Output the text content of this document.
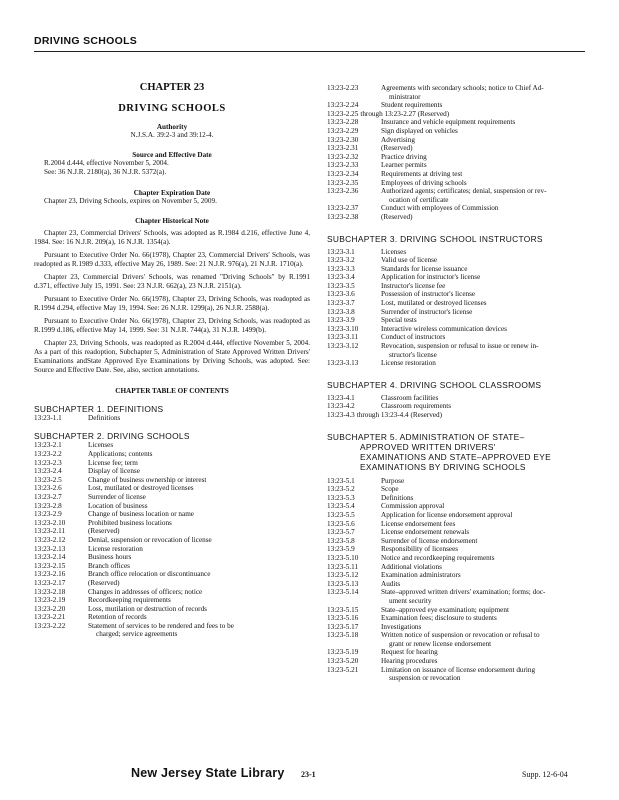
DRIVING SCHOOLS
CHAPTER 23
DRIVING SCHOOLS
Authority
N.J.S.A. 39:2-3 and 39:12-4.
Source and Effective Date
R.2004 d.444, effective November 5, 2004.
See: 36 N.J.R. 2180(a), 36 N.J.R. 5372(a).
Chapter Expiration Date
Chapter 23, Driving Schools, expires on November 5, 2009.
Chapter Historical Note
Chapter 23, Commercial Drivers' Schools, was adopted as R.1984 d.216, effective June 4, 1984. See: 16 N.J.R. 209(a), 16 N.J.R. 1354(a).
Pursuant to Executive Order No. 66(1978), Chapter 23, Commercial Drivers' Schools, was readopted as R.1989 d.333, effective May 26, 1989. See: 21 N.J.R. 976(a), 21 N.J.R. 1710(a).
Chapter 23, Commercial Drivers' Schools, was renamed "Driving Schools" by R.1991 d.371, effective July 15, 1991. See: 23 N.J.R. 662(a), 23 N.J.R. 2151(a).
Pursuant to Executive Order No. 66(1978), Chapter 23, Driving Schools, was readopted as R.1994 d.294, effective May 19, 1994. See: 26 N.J.R. 1299(a), 26 N.J.R. 2588(a).
Pursuant to Executive Order No. 66(1978), Chapter 23, Driving Schools, was readopted as R.1999 d.186, effective May 14, 1999. See: 31 N.J.R. 744(a), 31 N.J.R. 1499(b).
Chapter 23, Driving Schools, was readopted as R.2004 d.444, effective November 5, 2004. As a part of this readoption, Subchapter 5, Administration of State Approved Written Drivers' Examinations andState Approved Eye Examinations by Driving Schools, was adopted. See: Source and Effective Date. See, also, section annotations.
CHAPTER TABLE OF CONTENTS
SUBCHAPTER 1. DEFINITIONS
13:23-1.1	Definitions
SUBCHAPTER 2. DRIVING SCHOOLS
13:23-2.1	Licenses
13:23-2.2	Applications; contents
13:23-2.3	License fee; term
13:23-2.4	Display of license
13:23-2.5	Change of business ownership or interest
13:23-2.6	Lost, mutilated or destroyed licenses
13:23-2.7	Surrender of license
13:23-2.8	Location of business
13:23-2.9	Change of business location or name
13:23-2.10	Prohibited business locations
13:23-2.11	(Reserved)
13:23-2.12	Denial, suspension or revocation of license
13:23-2.13	License restoration
13:23-2.14	Business hours
13:23-2.15	Branch offices
13:23-2.16	Branch office relocation or discontinuance
13:23-2.17	(Reserved)
13:23-2.18	Changes in addresses of officers; notice
13:23-2.19	Recordkeeping requirements
13:23-2.20	Loss, mutilation or destruction of records
13:23-2.21	Retention of records
13:23-2.22	Statement of services to be rendered and fees to be
charged; service agreements
13:23-2.23	Agreements with secondary schools; notice to Chief Ad-
ministrator
13:23-2.24	Student requirements
13:23-2.25 through 13:23-2.27 (Reserved)
13:23-2.28	Insurance and vehicle equipment requirements
13:23-2.29	Sign displayed on vehicles
13:23-2.30	Advertising
13:23-2.31	(Reserved)
13:23-2.32	Practice driving
13:23-2.33	Learner permits
13:23-2.34	Requirements at driving test
13:23-2.35	Employees of driving schools
13:23-2.36	Authorized agents; certificates; denial, suspension or rev-
ocation of certificate
13:23-2.37	Conduct with employees of Commission
13:23-2.38	(Reserved)
SUBCHAPTER 3. DRIVING SCHOOL INSTRUCTORS
13:23-3.1	Licenses
13:23-3.2	Valid use of license
13:23-3.3	Standards for license issuance
13:23-3.4	Application for instructor's license
13:23-3.5	Instructor's license fee
13:23-3.6	Possession of instructor's license
13:23-3.7	Lost, mutilated or destroyed licenses
13:23-3.8	Surrender of instructor's license
13:23-3.9	Special tests
13:23-3.10	Interactive wireless communication devices
13:23-3.11	Conduct of instructors
13:23-3.12	Revocation, suspension or refusal to issue or renew in-
structor's license
13:23-3.13	License restoration
SUBCHAPTER 4. DRIVING SCHOOL CLASSROOMS
13:23-4.1	Classroom facilities
13:23-4.2	Classroom requirements
13:23-4.3 through 13:23-4.4 (Reserved)
SUBCHAPTER 5. ADMINISTRATION OF STATE–
APPROVED WRITTEN DRIVERS'
EXAMINATIONS AND STATE–APPROVED EYE
EXAMINATIONS BY DRIVING SCHOOLS
13:23-5.1	Purpose
13:23-5.2	Scope
13:23-5.3	Definitions
13:23-5.4	Commission approval
13:23-5.5	Application for license endorsement approval
13:23-5.6	License endorsement fees
13:23-5.7	License endorsement renewals
13:23-5.8	Surrender of license endorsement
13:23-5.9	Responsibility of licensees
13:23-5.10	Notice and recordkeeping requirements
13:23-5.11	Additional violations
13:23-5.12	Examination administrators
13:23-5.13	Audits
13:23-5.14	State–approved written drivers' examination; forms; doc-
ument security
13:23-5.15	State–approved eye examination; equipment
13:23-5.16	Examination fees; disclosure to students
13:23-5.17	Investigations
13:23-5.18	Written notice of suspension or revocation or refusal to
grant or renew license endorsement
13:23-5.19	Request for hearing
13:23-5.20	Hearing procedures
13:23-5.21	Limitation on issuance of license endorsement during
suspension or revocation
New Jersey State Library 23-1	Supp. 12-6-04
